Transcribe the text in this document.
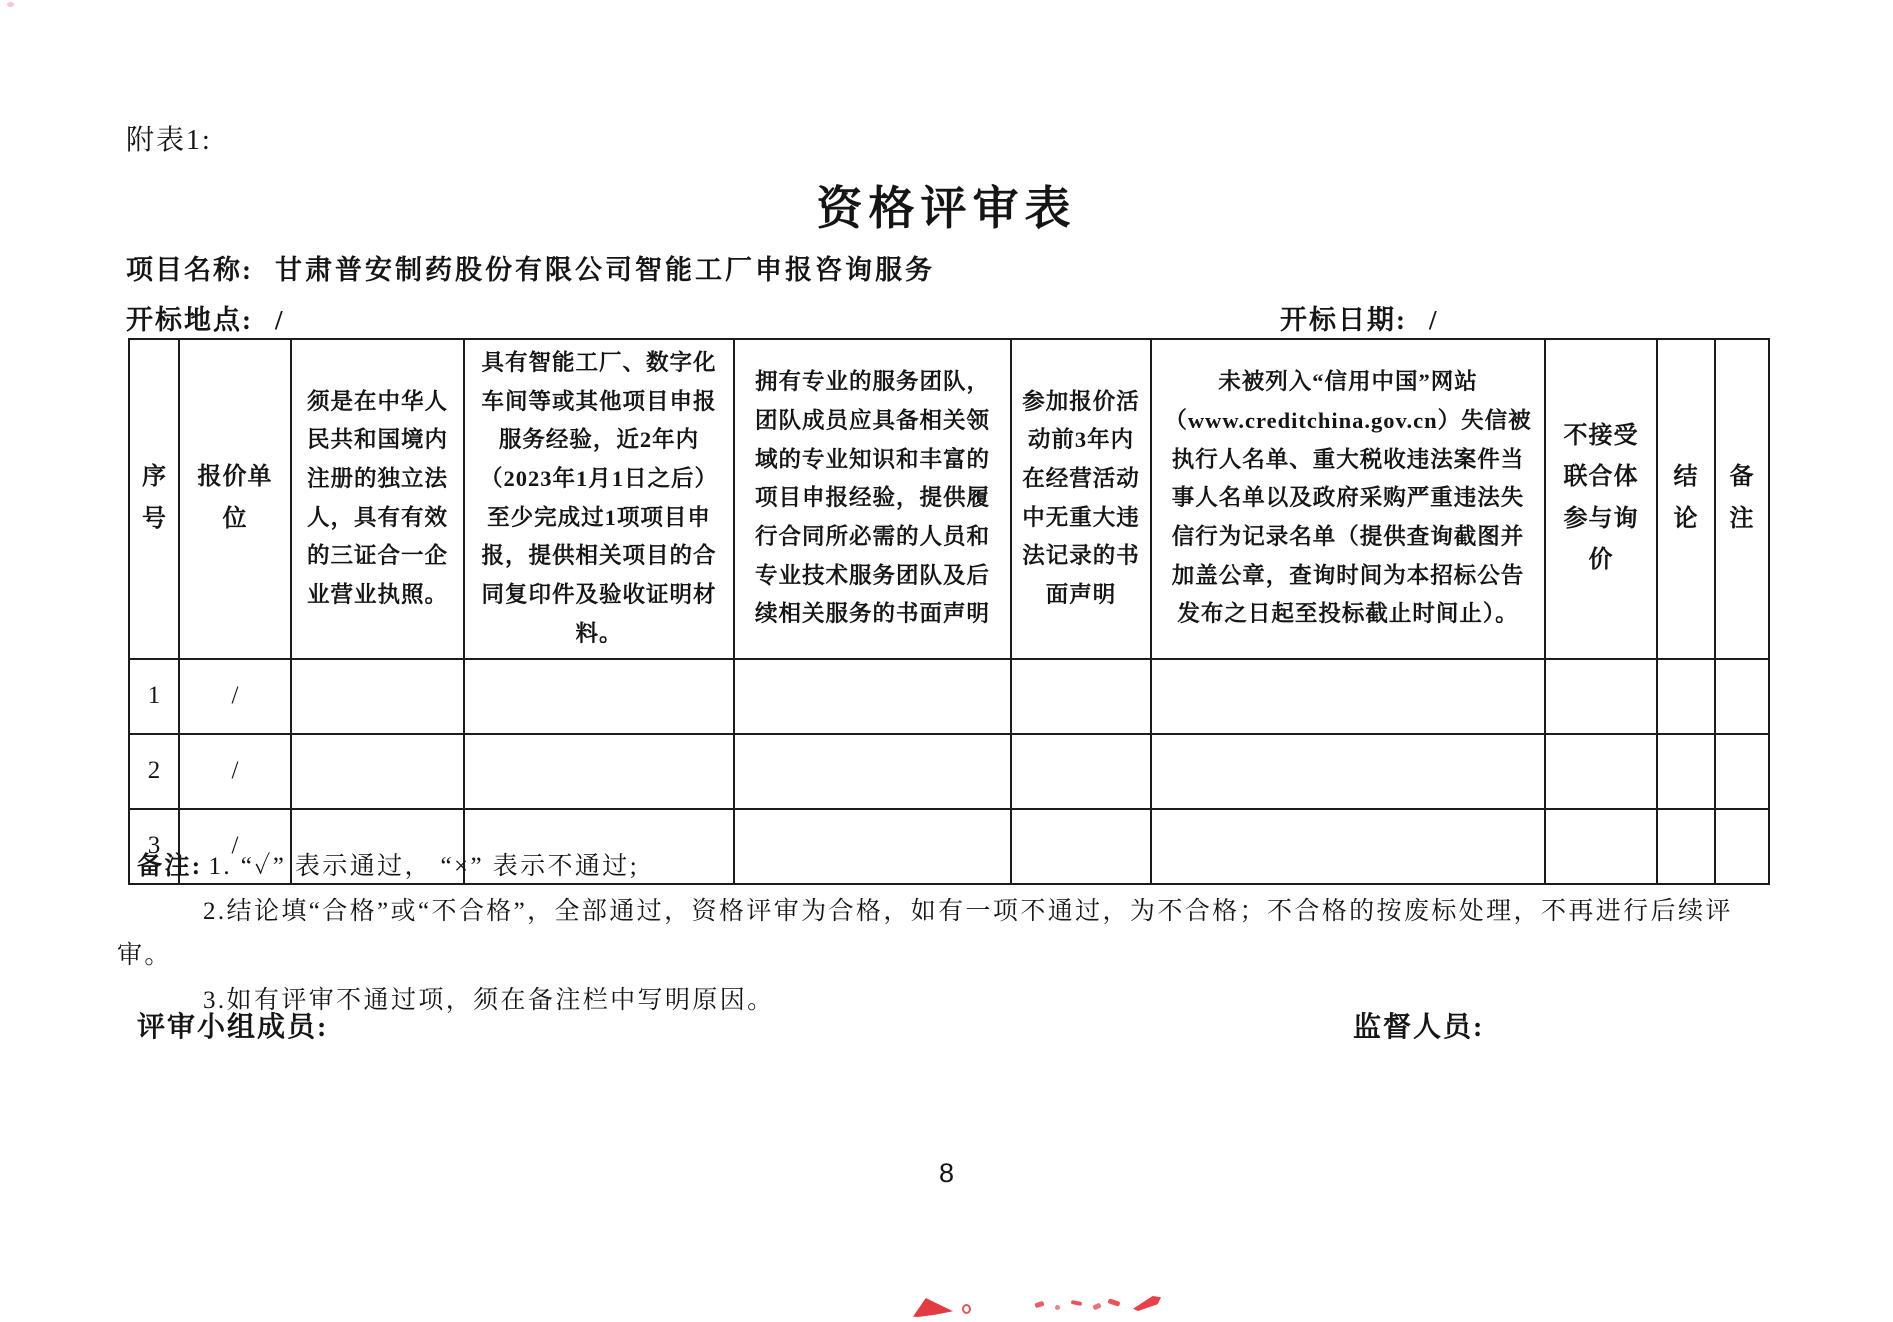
附表1:
资格评审表
项目名称: 甘肃普安制药股份有限公司智能工厂申报咨询服务
开标地点: /	开标日期: /
序号	报价单位	须是在中华人民共和国境内注册的独立法人，具有有效的三证合一企业营业执照。	具有智能工厂、数字化车间等或其他项目申报服务经验，近2年内（2023年1月1日之后）至少完成过1项项目申报，提供相关项目的合同复印件及验收证明材料。	拥有专业的服务团队，团队成员应具备相关领域的专业知识和丰富的项目申报经验，提供履行合同所必需的人员和专业技术服务团队及后续相关服务的书面声明	参加报价活动前3年内在经营活动中无重大违法记录的书面声明	未被列入“信用中国”网站（www.creditchina.gov.cn）失信被执行人名单、重大税收违法案件当事人名单以及政府采购严重违法失信行为记录名单（提供查询截图并加盖公章，查询时间为本招标公告发布之日起至投标截止时间止）。	不接受联合体参与询价	结论	备注
1	/								
2	/								
3	/								

备注: 1. “✓” 表示通过， “×” 表示不通过;

2.结论填“合格”或“不合格”，全部通过，资格评审为合格，如有一项不通过，为不合格；不合格的按废标处理，不再进行后续评审。

3.如有评审不通过项，须在备注栏中写明原因。

评审小组成员:	监督人员:
8
